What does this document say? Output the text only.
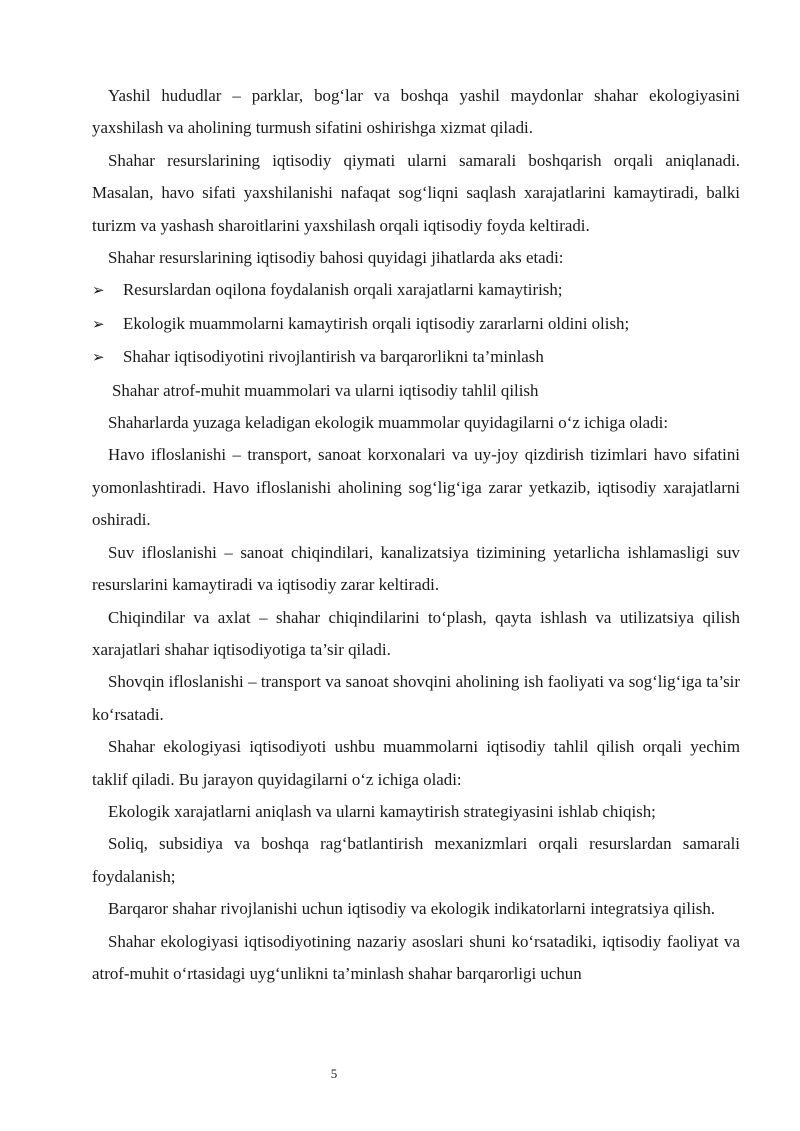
Yashil hududlar – parklar, bog‘lar va boshqa yashil maydonlar shahar ekologiyasini yaxshilash va aholining turmush sifatini oshirishga xizmat qiladi.

Shahar resurslarining iqtisodiy qiymati ularni samarali boshqarish orqali aniqlanadi. Masalan, havo sifati yaxshilanishi nafaqat sog‘liqni saqlash xarajatlarini kamaytiradi, balki turizm va yashash sharoitlarini yaxshilash orqali iqtisodiy foyda keltiradi.

Shahar resurslarining iqtisodiy bahosi quyidagi jihatlarda aks etadi:

➢	Resurslardan oqilona foydalanish orqali xarajatlarni kamaytirish;
➢	Ekologik muammolarni kamaytirish orqali iqtisodiy zararlarni oldini olish;
➢	Shahar iqtisodiyotini rivojlantirish va barqarorlikni ta’minlash

Shahar atrof-muhit muammolari va ularni iqtisodiy tahlil qilish

Shaharlarda yuzaga keladigan ekologik muammolar quyidagilarni o‘z ichiga oladi:

Havo ifloslanishi – transport, sanoat korxonalari va uy-joy qizdirish tizimlari havo sifatini yomonlashtiradi. Havo ifloslanishi aholining sog‘lig‘iga zarar yetkazib, iqtisodiy xarajatlarni oshiradi.

Suv ifloslanishi – sanoat chiqindilari, kanalizatsiya tizimining yetarlicha ishlamasligi suv resurslarini kamaytiradi va iqtisodiy zarar keltiradi.

Chiqindilar va axlat – shahar chiqindilarini to‘plash, qayta ishlash va utilizatsiya qilish xarajatlari shahar iqtisodiyotiga ta’sir qiladi.

Shovqin ifloslanishi – transport va sanoat shovqini aholining ish faoliyati va sog‘lig‘iga ta’sir ko‘rsatadi.

Shahar ekologiyasi iqtisodiyoti ushbu muammolarni iqtisodiy tahlil qilish orqali yechim taklif qiladi. Bu jarayon quyidagilarni o‘z ichiga oladi:

Ekologik xarajatlarni aniqlash va ularni kamaytirish strategiyasini ishlab chiqish;

Soliq, subsidiya va boshqa rag‘batlantirish mexanizmlari orqali resurslardan samarali foydalanish;

Barqaror shahar rivojlanishi uchun iqtisodiy va ekologik indikatorlarni integratsiya qilish.

Shahar ekologiyasi iqtisodiyotining nazariy asoslari shuni ko‘rsatadiki, iqtisodiy faoliyat va atrof-muhit o‘rtasidagi uyg‘unlikni ta’minlash shahar barqarorligi uchun

5
